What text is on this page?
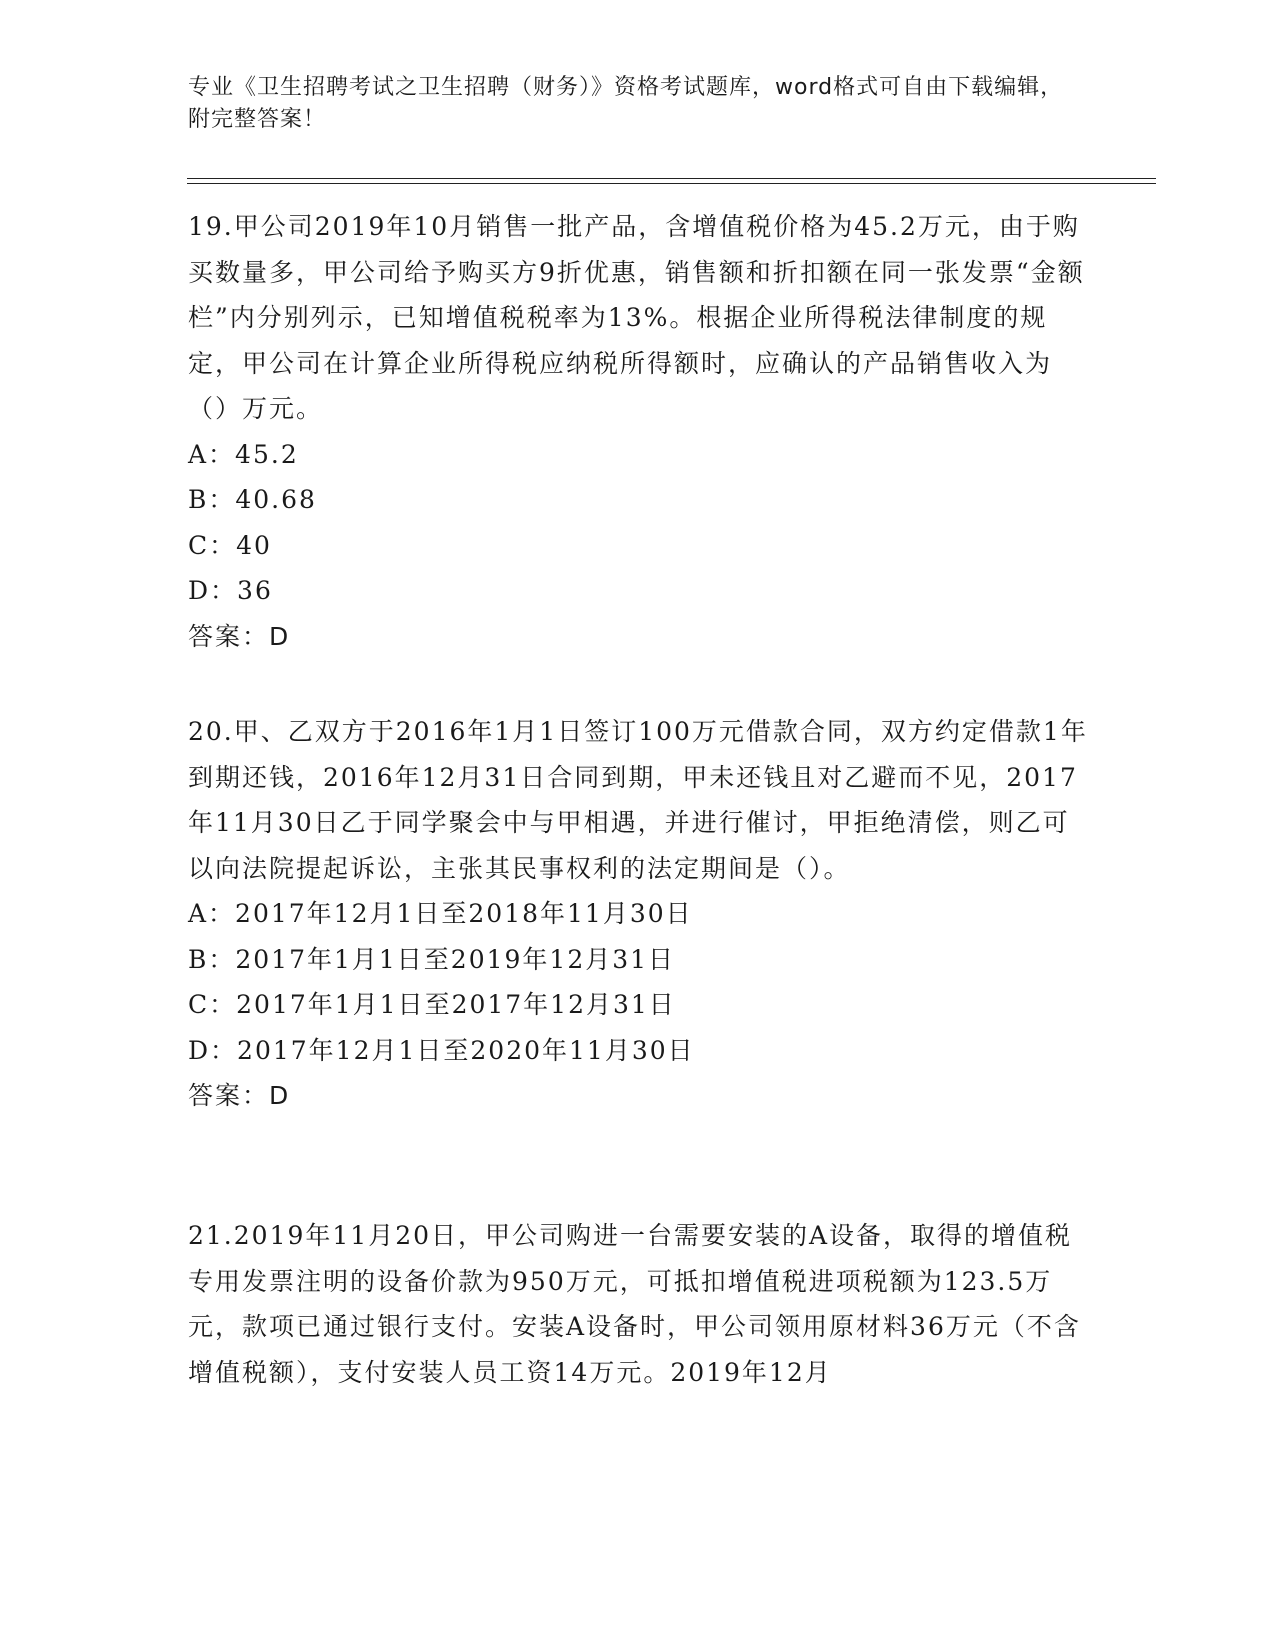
专业《卫生招聘考试之卫生招聘（财务）》资格考试题库，word格式可自由下载编辑，附完整答案！

19.甲公司2019年10月销售一批产品，含增值税价格为45.2万元，由于购买数量多，甲公司给予购买方9折优惠，销售额和折扣额在同一张发票“金额栏”内分别列示，已知增值税税率为13%。根据企业所得税法律制度的规定，甲公司在计算企业所得税应纳税所得额时，应确认的产品销售收入为（）万元。

A：45.2

B：40.68

C：40

D：36

答案：D

20.甲、乙双方于2016年1月1日签订100万元借款合同，双方约定借款1年到期还钱，2016年12月31日合同到期，甲未还钱且对乙避而不见，2017年11月30日乙于同学聚会中与甲相遇，并进行催讨，甲拒绝清偿，则乙可以向法院提起诉讼，主张其民事权利的法定期间是（）。

A：2017年12月1日至2018年11月30日

B：2017年1月1日至2019年12月31日

C：2017年1月1日至2017年12月31日

D：2017年12月1日至2020年11月30日

答案：D

21.2019年11月20日，甲公司购进一台需要安装的A设备，取得的增值税专用发票注明的设备价款为950万元，可抵扣增值税进项税额为123.5万元，款项已通过银行支付。安装A设备时，甲公司领用原材料36万元（不含增值税额），支付安装人员工资14万元。2019年12月
